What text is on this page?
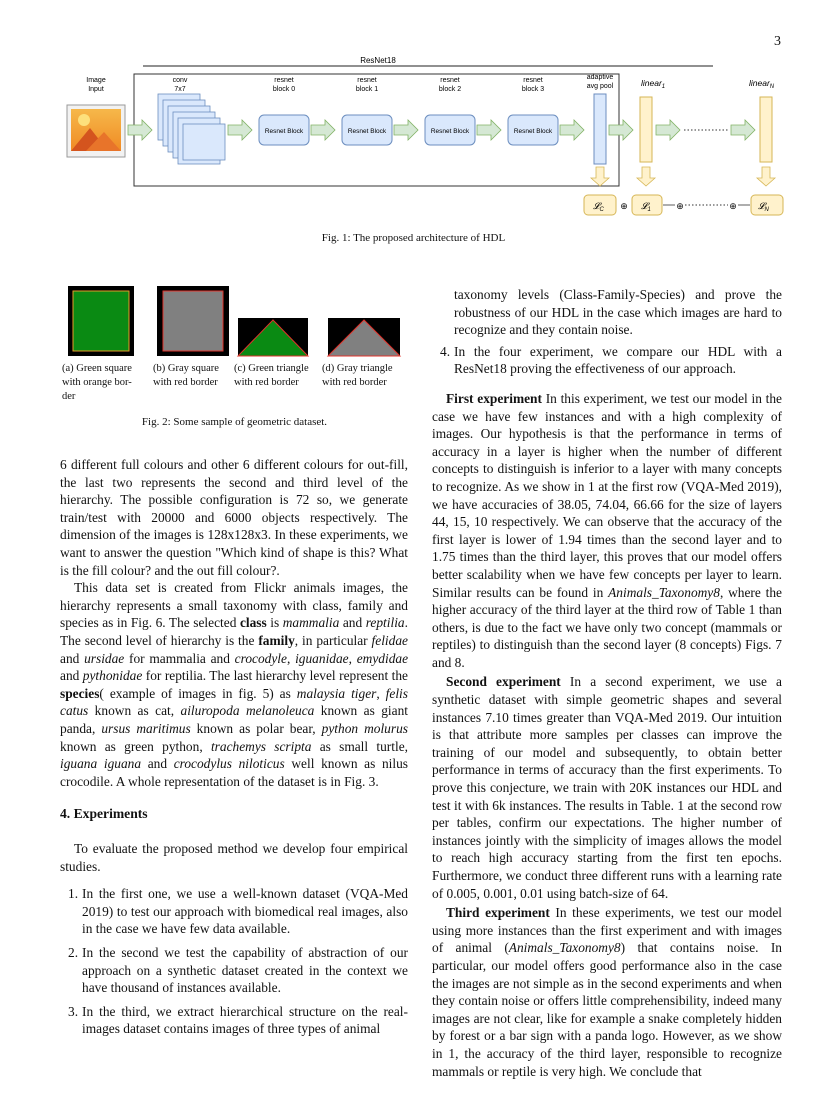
3
ResNet18
Image
Input
conv
7x7
resnet
block 0
Resnet Block
resnet
block 1
Resnet Block
resnet
block 2
Resnet Block
resnet
block 3
Resnet Block
adaptive
avg pool	linear$_1$	linear$_N$
𝓛$_C$ ⊕ 𝓛$_1$	⊕	⊕ 𝓛$_N$
Fig. 1: The proposed architecture of HDL
(a) Green square
with orange bor-
der
(b) Gray square
with red border
(c) Green triangle
with red border
(d) Gray triangle
with red border
Fig. 2: Some sample of geometric dataset.

6 different full colours and other 6 different colours for out-fill, the last two represents the second and third level of the hierarchy. The possible configuration is 72 so, we generate train/test with 20000 and 6000 objects respectively. The dimension of the images is 128x128x3. In these experiments, we want to answer the question "Which kind of shape is this? What is the fill colour? and the out fill colour?.

This data set is created from Flickr animals images, the hierarchy represents a small taxonomy with class, family and species as in Fig. 6. The selected class is mammalia and reptilia. The second level of hierarchy is the family, in particular felidae and ursidae for mammalia and crocodyle, iguanidae, emydidae and pythonidae for reptilia. The last hierarchy level represent the species( example of images in fig. 5) as malaysia tiger, felis catus known as cat, ailuropoda melanoleuca known as giant panda, ursus maritimus known as polar bear, python molurus known as green python, trachemys scripta as small turtle, iguana iguana and crocodylus niloticus well known as nilus crocodile. A whole representation of the dataset is in Fig. 3.

4. Experiments

To evaluate the proposed method we develop four empirical studies.

1. In the first one, we use a well-known dataset (VQA-Med 2019) to test our approach with biomedical real images, also in the case we have few data available.
2. In the second we test the capability of abstraction of our approach on a synthetic dataset created in the context we have thousand of instances available.
3. In the third, we extract hierarchical structure on the real-images dataset contains images of three types of animal

taxonomy levels (Class-Family-Species) and prove the robustness of our HDL in the case which images are hard to recognize and they contain noise.

4. In the four experiment, we compare our HDL with a ResNet18 proving the effectiveness of our approach.

First experiment In this experiment, we test our model in the case we have few instances and with a high complexity of images. Our hypothesis is that the performance in terms of accuracy in a layer is higher when the number of different concepts to distinguish is inferior to a layer with many concepts to recognize. As we show in 1 at the first row (VQA-Med 2019), we have accuracies of 38.05, 74.04, 66.66 for the size of layers 44, 15, 10 respectively. We can observe that the accuracy of the first layer is lower of 1.94 times than the second layer and to 1.75 times than the third layer, this proves that our model offers better scalability when we have few concepts per layer to learn. Similar results can be found in Animals_Taxonomy8, where the higher accuracy of the third layer at the third row of Table 1 than others, is due to the fact we have only two concept (mammals or reptiles) to distinguish than the second layer (8 concepts) Figs. 7 and 8.

Second experiment In a second experiment, we use a synthetic dataset with simple geometric shapes and several instances 7.10 times greater than VQA-Med 2019. Our intuition is that attribute more samples per classes can improve the training of our model and subsequently, to obtain better performance in terms of accuracy than the first experiments. To prove this conjecture, we train with 20K instances our HDL and test it with 6k instances. The results in Table. 1 at the second row per tables, confirm our expectations. The higher number of instances jointly with the simplicity of images allows the model to reach high accuracy starting from the first ten epochs. Furthermore, we conduct three different runs with a learning rate of 0.005, 0.001, 0.01 using batch-size of 64.

Third experiment In these experiments, we test our model using more instances than the first experiment and with images of animal (Animals_Taxonomy8) that contains noise. In particular, our model offers good performance also in the case the images are not simple as in the second experiments and when they contain noise or offers little comprehensibility, indeed many images are not clear, like for example a snake completely hidden by forest or a bar sign with a panda logo. However, as we show in 1, the accuracy of the third layer, responsible to recognize mammals or reptile is very high. We conclude that
